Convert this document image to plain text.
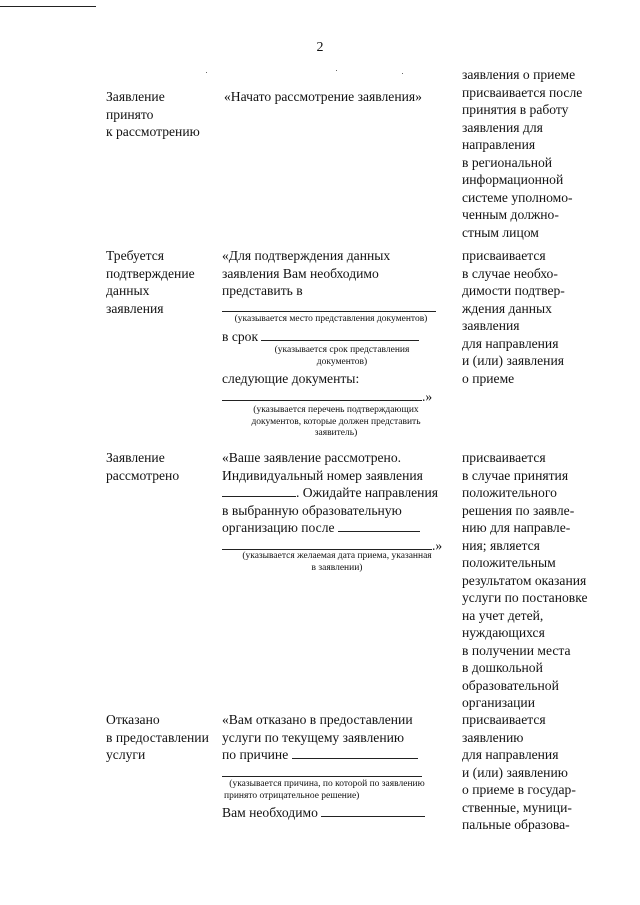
2
Заявление
принято
к рассмотрению
«Начато рассмотрение заявления»
заявления о приеме
присваивается после
принятия в работу
заявления для
направления
в региональной
информационной
системе уполномо-
ченным должно-
стным лицом
Требуется
подтверждение
данных
заявления
«Для подтверждения данных
заявления Вам необходимо
представить в
(указывается место представления документов)
в срок
(указывается срок представления
документов)
следующие документы:
.»
(указывается перечень подтверждающих
документов, которые должен представить
заявитель)
присваивается
в случае необхо-
димости подтвер-
ждения данных
заявления
для направления
и (или) заявления
о приеме
Заявление
рассмотрено
«Ваше заявление рассмотрено.
Индивидуальный номер заявления
. Ожидайте направления
в выбранную образовательную
организацию после
.»
(указывается желаемая дата приема, указанная
в заявлении)
присваивается
в случае принятия
положительного
решения по заявле-
нию для направле-
ния; является
положительным
результатом оказания
услуги по постановке
на учет детей,
нуждающихся
в получении места
в дошкольной
образовательной
организации
Отказано
в предоставлении
услуги
«Вам отказано в предоставлении
услуги по текущему заявлению
по причине
(указывается причина, по которой по заявлению
принято отрицательное решение)
Вам необходимо
присваивается
заявлению
для направления
и (или) заявлению
о приеме в государ-
ственные, муници-
пальные образова-
